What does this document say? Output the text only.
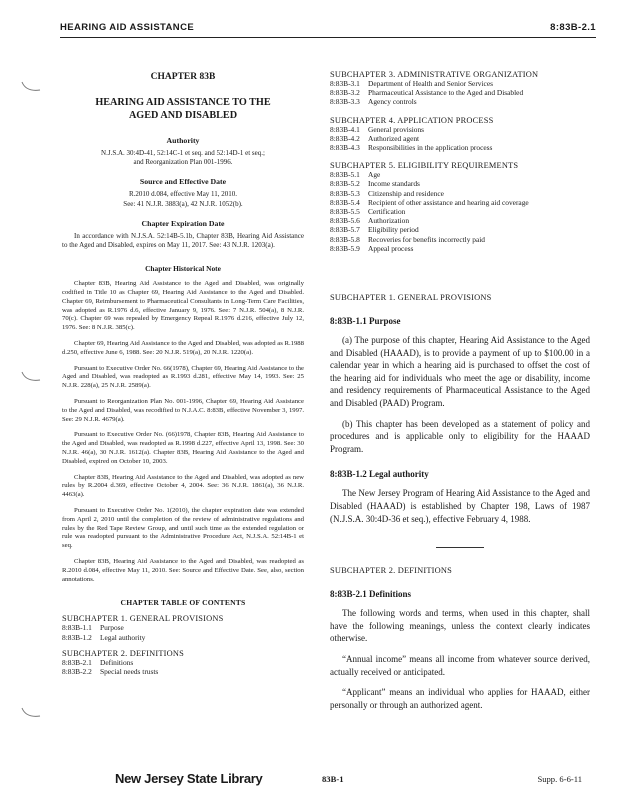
HEARING AID ASSISTANCE	8:83B-2.1

CHAPTER 83B

HEARING AID ASSISTANCE TO THE
AGED AND DISABLED

Authority

N.J.S.A. 30:4D-41, 52:14C-1 et seq. and 52:14D-1 et seq.;
and Reorganization Plan 001-1996.

Source and Effective Date

R.2010 d.084, effective May 11, 2010.
See: 41 N.J.R. 3883(a), 42 N.J.R. 1052(b).

Chapter Expiration Date

In accordance with N.J.S.A. 52:14B-5.1b, Chapter 83B, Hearing Aid Assistance to the Aged and Disabled, expires on May 11, 2017. See: 43 N.J.R. 1203(a).

Chapter Historical Note

Chapter 83B, Hearing Aid Assistance to the Aged and Disabled, was originally codified in Title 10 as Chapter 69, Hearing Aid Assistance to the Aged and Disabled. Chapter 69, Reimbursement to Pharmaceutical Consultants in Long-Term Care Facilities, was adopted as R.1976 d.6, effective January 9, 1976. See: 7 N.J.R. 504(a), 8 N.J.R. 70(c). Chapter 69 was repealed by Emergency Repeal R.1976 d.216, effective July 12, 1976. See: 8 N.J.R. 385(c).

Chapter 69, Hearing Aid Assistance to the Aged and Disabled, was adopted as R.1988 d.250, effective June 6, 1988. See: 20 N.J.R. 519(a), 20 N.J.R. 1220(a).

Pursuant to Executive Order No. 66(1978), Chapter 69, Hearing Aid Assistance to the Aged and Disabled, was readopted as R.1993 d.281, effective May 14, 1993. See: 25 N.J.R. 228(a), 25 N.J.R. 2589(a).

Pursuant to Reorganization Plan No. 001-1996, Chapter 69, Hearing Aid Assistance to the Aged and Disabled, was recodified to N.J.A.C. 8:83B, effective November 3, 1997. See: 29 N.J.R. 4679(a).

Pursuant to Executive Order No. (66)1978, Chapter 83B, Hearing Aid Assistance to the Aged and Disabled, was readopted as R.1998 d.227, effective April 13, 1998. See: 30 N.J.R. 46(a), 30 N.J.R. 1612(a). Chapter 83B, Hearing Aid Assistance to the Aged and Disabled, expired on October 10, 2003.

Chapter 83B, Hearing Aid Assistance to the Aged and Disabled, was adopted as new rules by R.2004 d.369, effective October 4, 2004. See: 36 N.J.R. 1861(a), 36 N.J.R. 4463(a).

Pursuant to Executive Order No. 1(2010), the chapter expiration date was extended from April 2, 2010 until the completion of the review of administrative regulations and rules by the Red Tape Review Group, and until such time as the extended regulation or rule was readopted pursuant to the Administrative Procedure Act, N.J.S.A. 52:14B-1 et seq.

Chapter 83B, Hearing Aid Assistance to the Aged and Disabled, was readopted as R.2010 d.084, effective May 11, 2010. See: Source and Effective Date. See, also, section annotations.

CHAPTER TABLE OF CONTENTS

SUBCHAPTER 1. GENERAL PROVISIONS

8:83B-1.1	Purpose
8:83B-1.2	Legal authority

SUBCHAPTER 2. DEFINITIONS

8:83B-2.1	Definitions
8:83B-2.2	Special needs trusts

SUBCHAPTER 3. ADMINISTRATIVE ORGANIZATION

8:83B-3.1	Department of Health and Senior Services
8:83B-3.2	Pharmaceutical Assistance to the Aged and Disabled
8:83B-3.3	Agency controls

SUBCHAPTER 4. APPLICATION PROCESS

8:83B-4.1	General provisions
8:83B-4.2	Authorized agent
8:83B-4.3	Responsibilities in the application process

SUBCHAPTER 5. ELIGIBILITY REQUIREMENTS

8:83B-5.1	Age
8:83B-5.2	Income standards
8:83B-5.3	Citizenship and residence
8:83B-5.4	Recipient of other assistance and hearing aid coverage
8:83B-5.5	Certification
8:83B-5.6	Authorization
8:83B-5.7	Eligibility period
8:83B-5.8	Recoveries for benefits incorrectly paid
8:83B-5.9	Appeal process

SUBCHAPTER 1. GENERAL PROVISIONS

8:83B-1.1 Purpose

(a) The purpose of this chapter, Hearing Aid Assistance to the Aged and Disabled (HAAAD), is to provide a payment of up to $100.00 in a calendar year in which a hearing aid is purchased to offset the cost of the hearing aid for individuals who meet the age or disability, income and residency requirements of Pharmaceutical Assistance to the Aged and Disabled (PAAD) Program.

(b) This chapter has been developed as a statement of policy and procedures and is applicable only to eligibility for the HAAAD Program.

8:83B-1.2 Legal authority

The New Jersey Program of Hearing Aid Assistance to the Aged and Disabled (HAAAD) is established by Chapter 198, Laws of 1987 (N.J.S.A. 30:4D-36 et seq.), effective February 4, 1988.

SUBCHAPTER 2. DEFINITIONS

8:83B-2.1 Definitions

The following words and terms, when used in this chapter, shall have the following meanings, unless the context clearly indicates otherwise.

“Annual income” means all income from whatever source derived, actually received or anticipated.

“Applicant” means an individual who applies for HAAAD, either personally or through an authorized agent.

New Jersey State Library	83B-1	Supp. 6-6-11
